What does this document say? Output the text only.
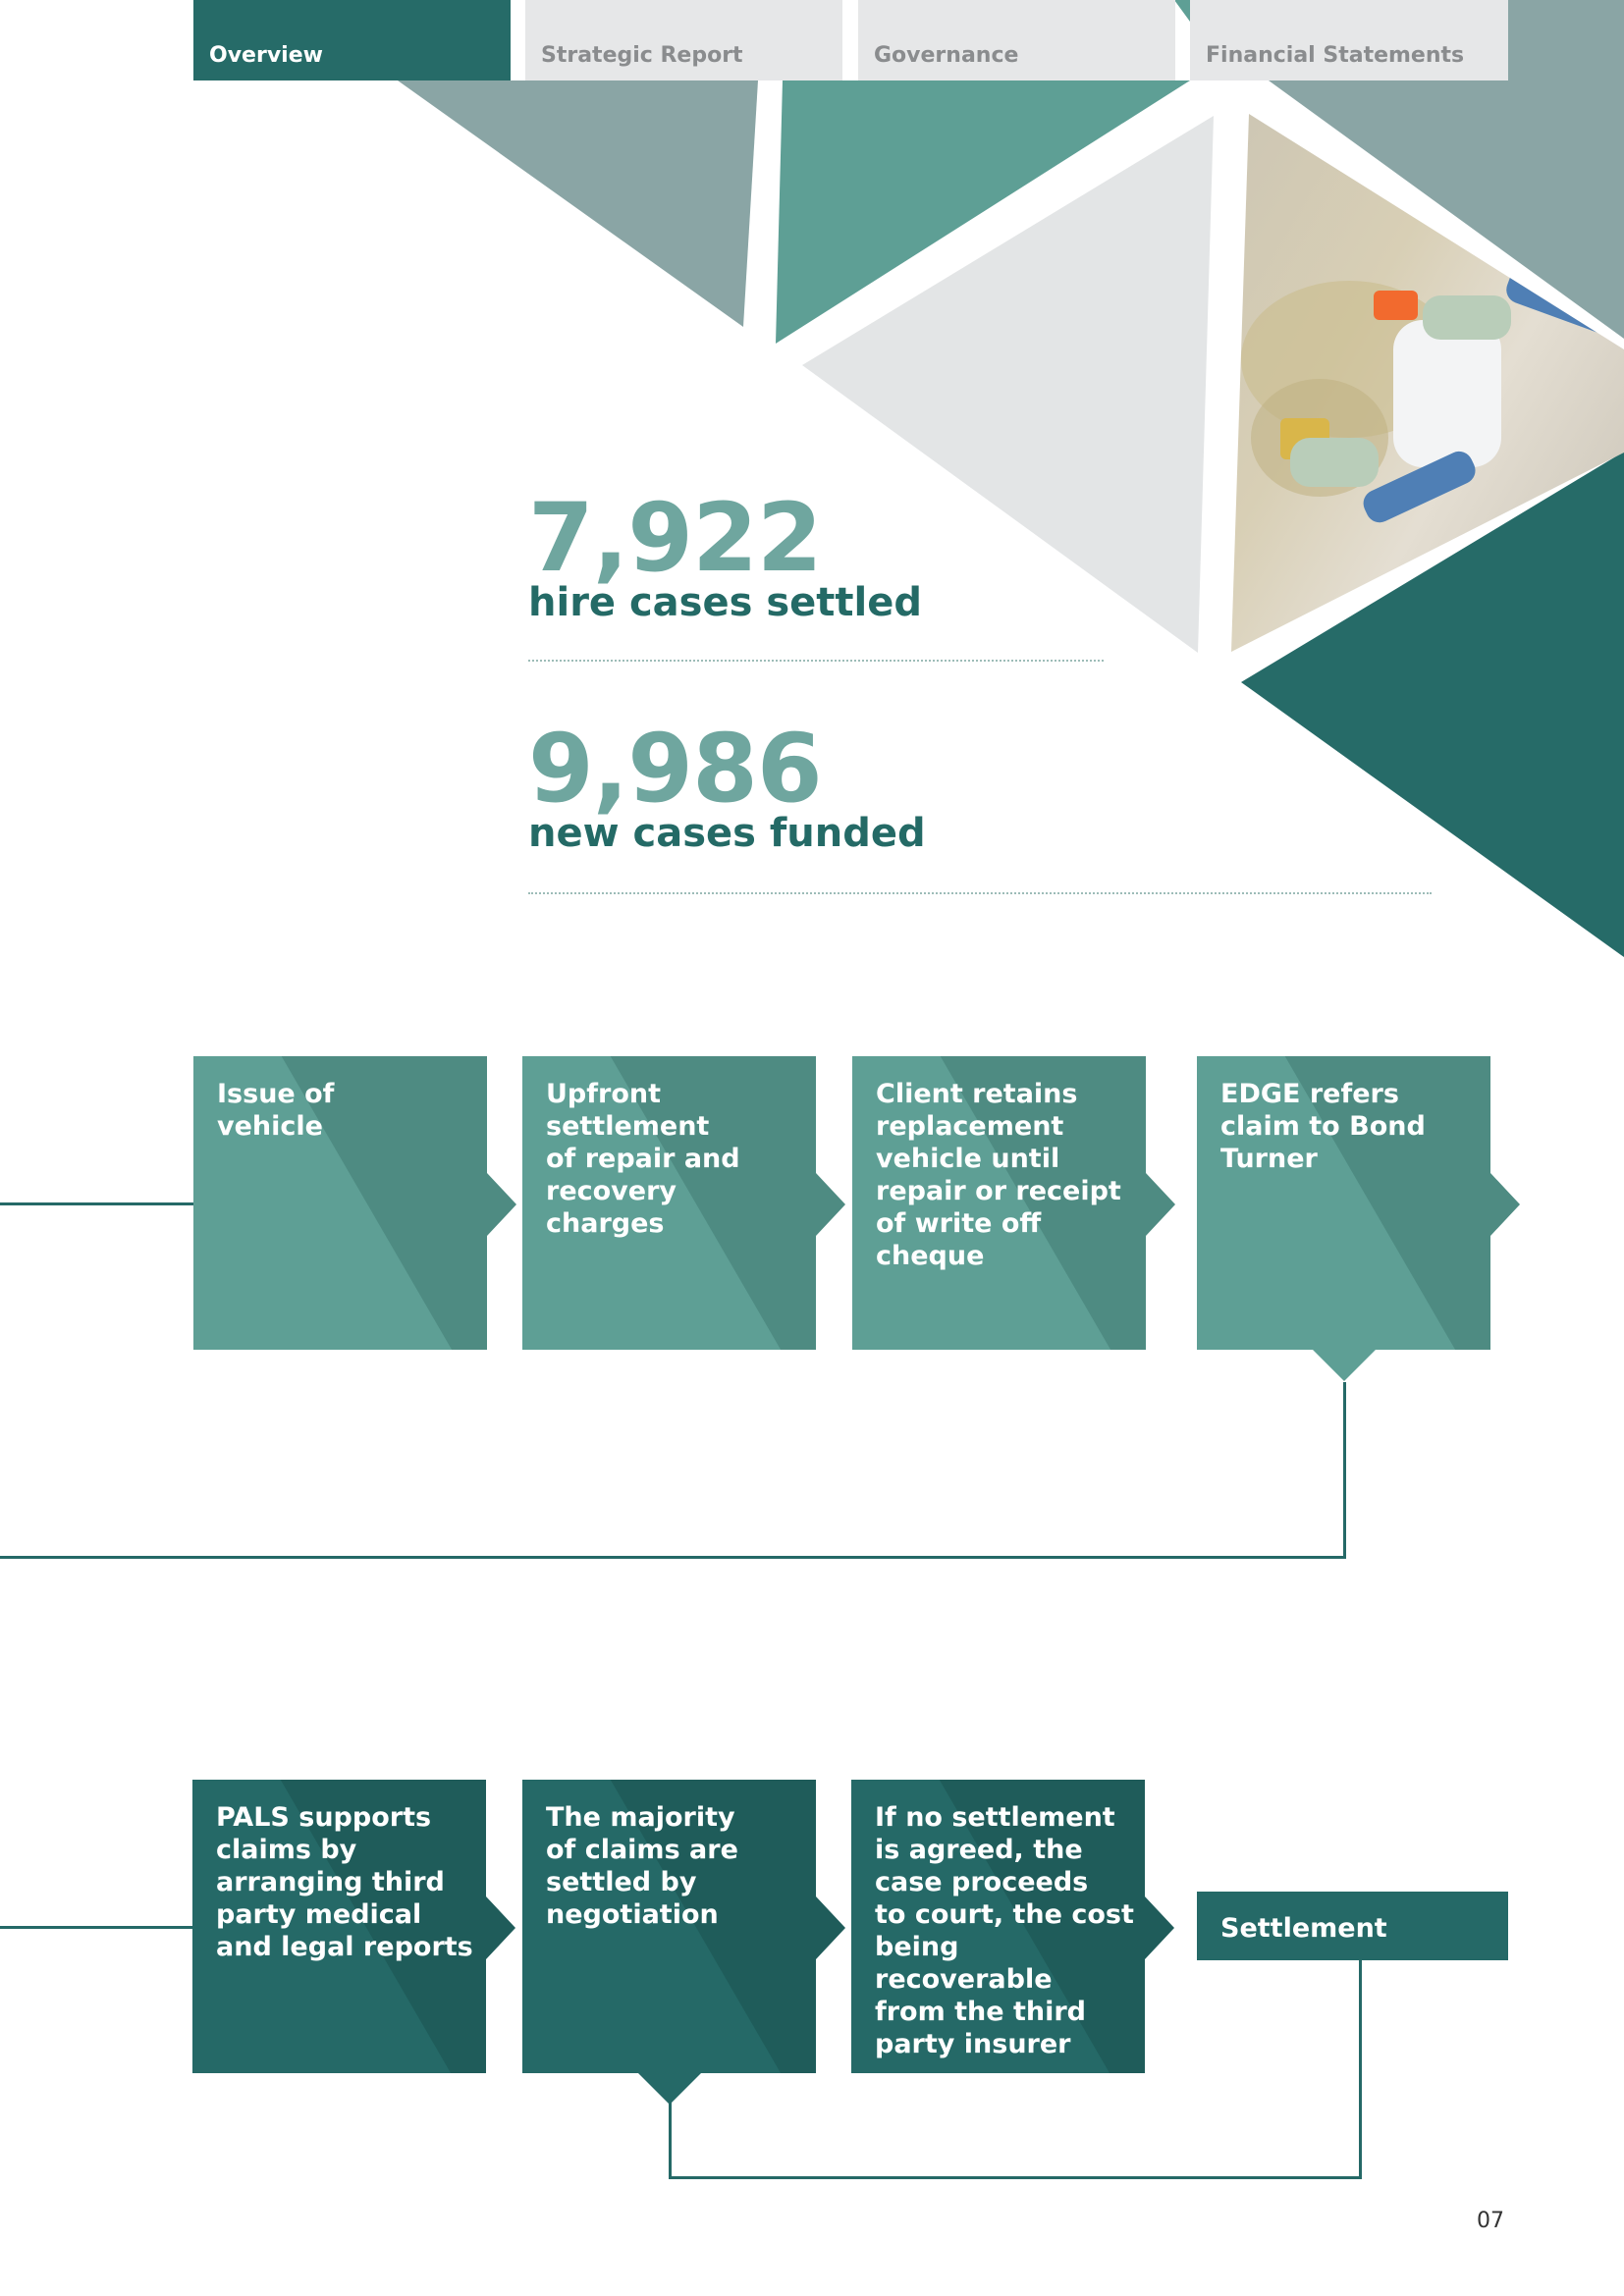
Overview	Strategic Report	Governance	Financial Statements
7,922
hire cases settled
9,986
new cases funded
Issue of
vehicle
Upfront
settlement
of repair and
recovery
charges
Client retains
replacement
vehicle until
repair or receipt
of write off
cheque
EDGE refers
claim to Bond
Turner
PALS supports
claims by
arranging third
party medical
and legal reports
The majority
of claims are
settled by
negotiation
If no settlement
is agreed, the
case proceeds
to court, the cost
being recoverable
from the third
party insurer
Settlement
07
